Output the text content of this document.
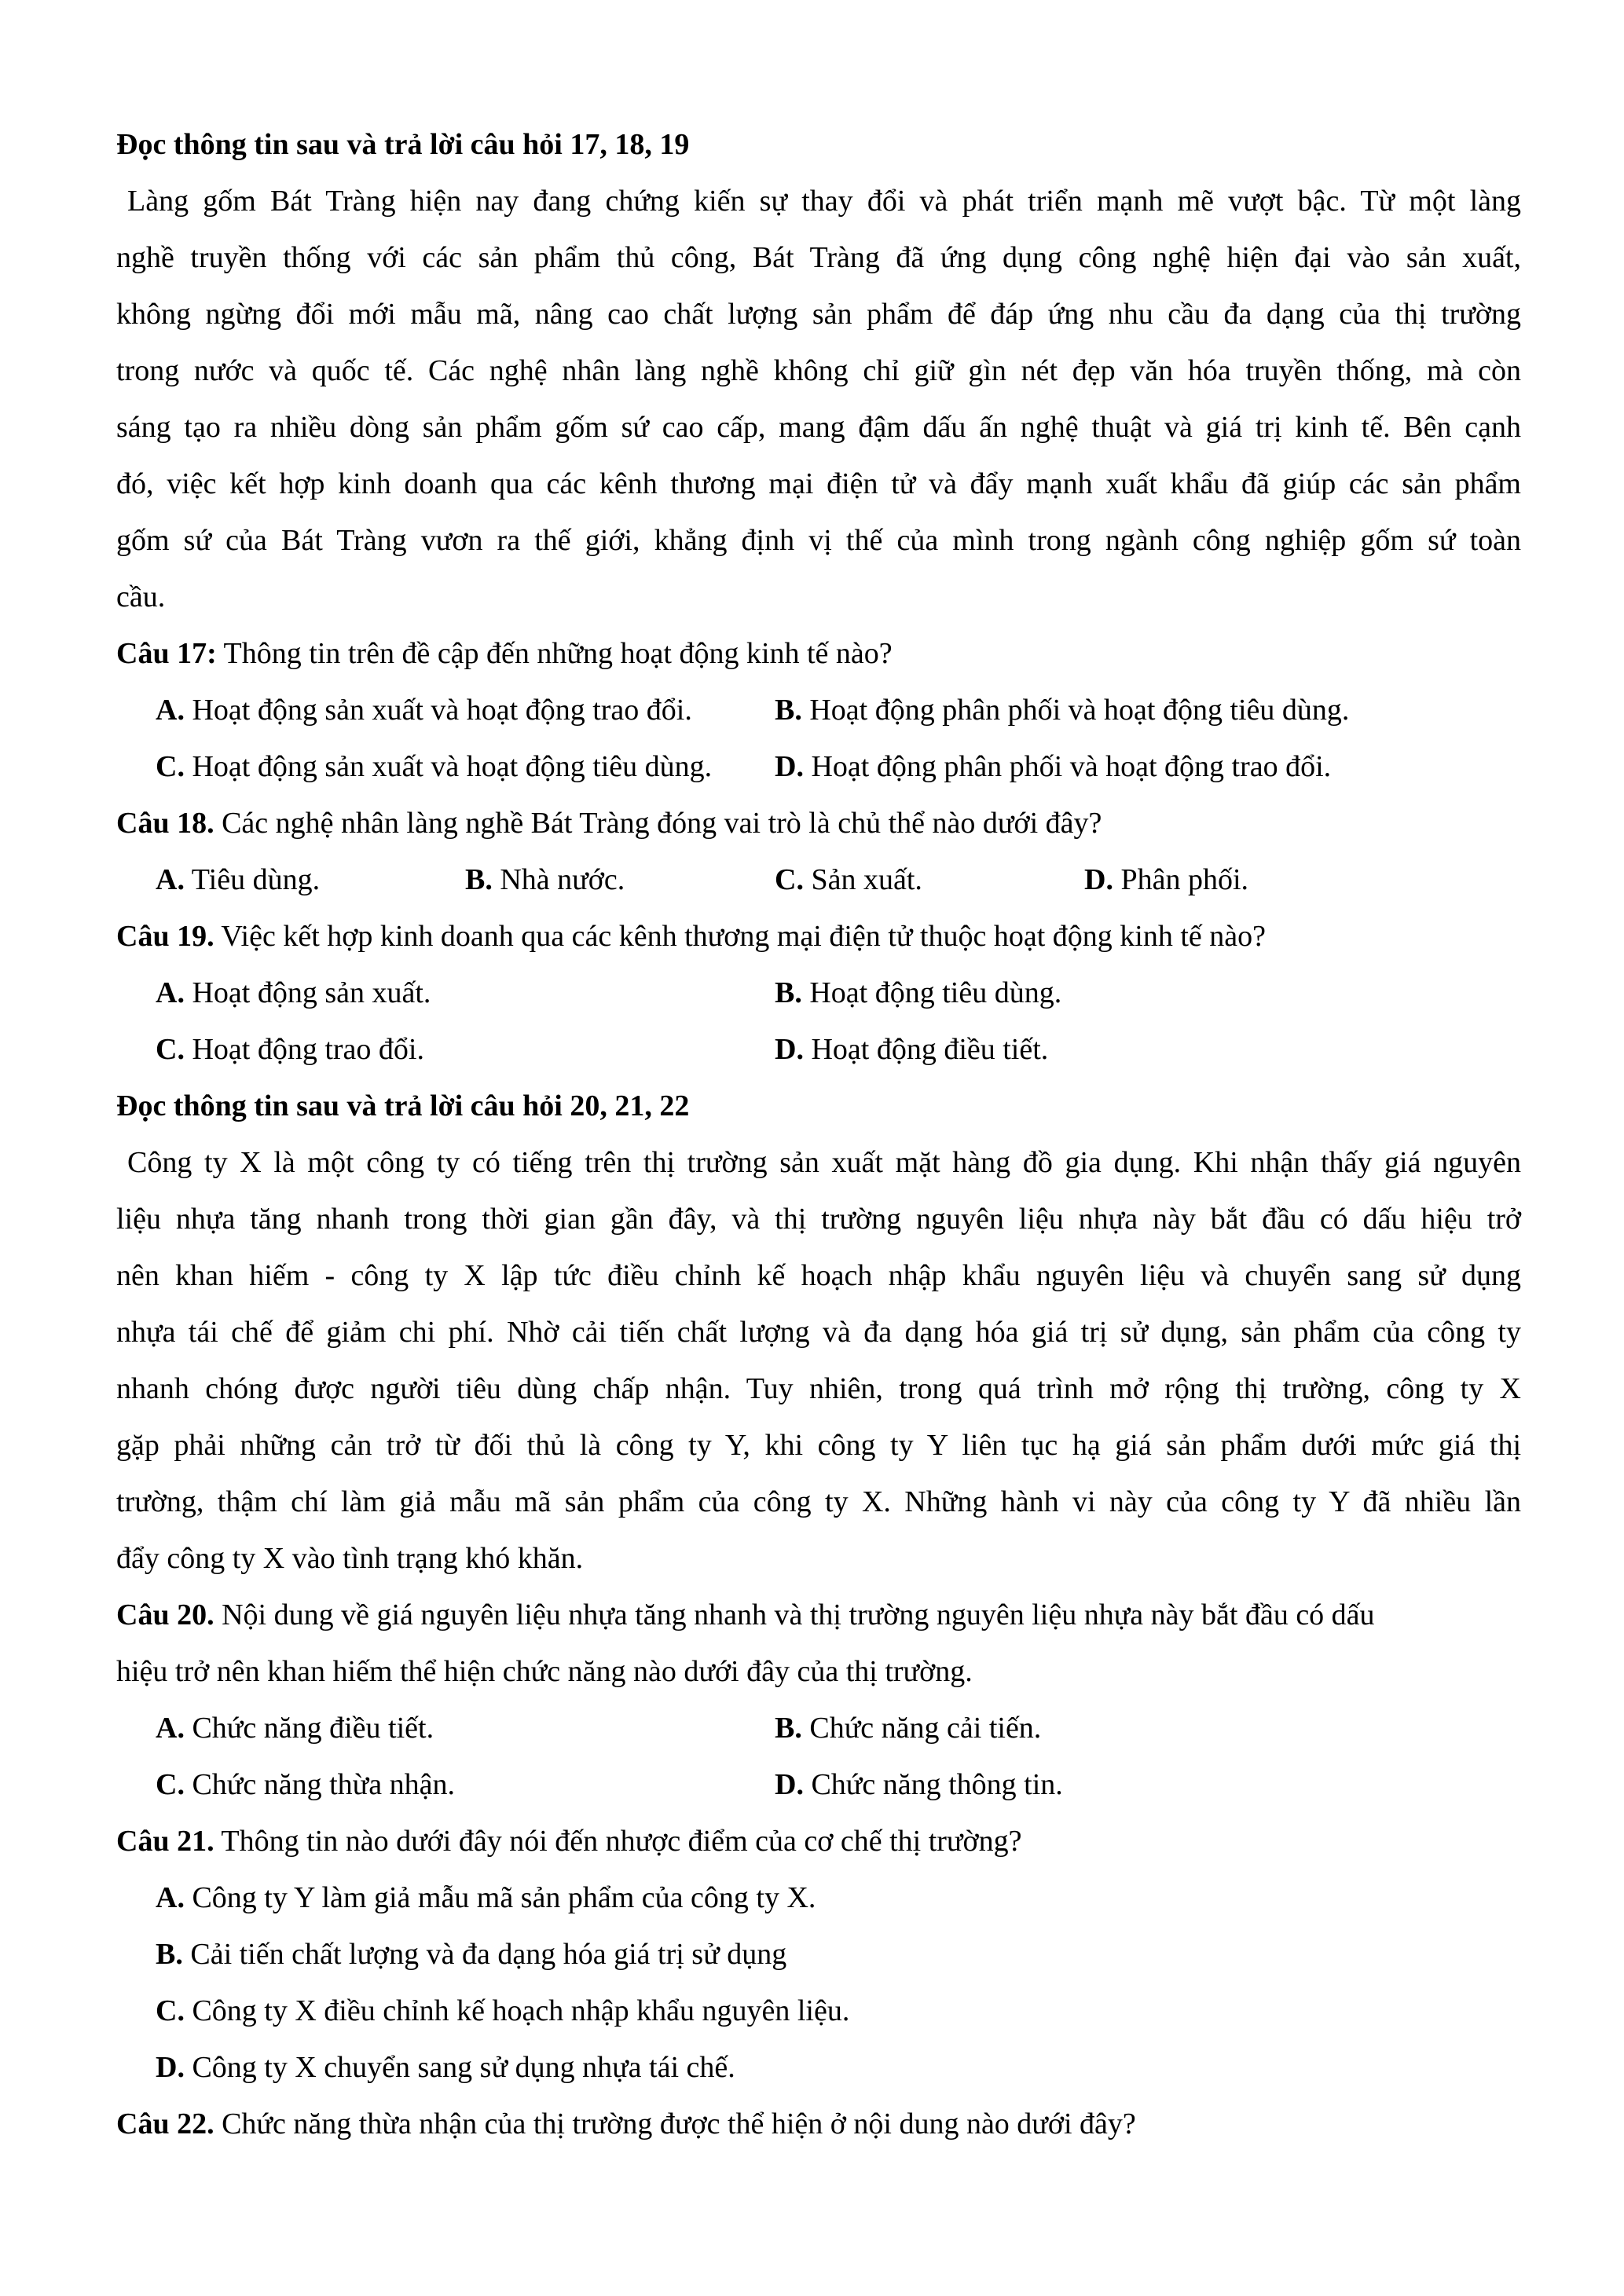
Đọc thông tin sau và trả lời câu hỏi 17, 18, 19
Làng gốm Bát Tràng hiện nay đang chứng kiến sự thay đổi và phát triển mạnh mẽ vượt bậc. Từ một làng
nghề truyền thống với các sản phẩm thủ công, Bát Tràng đã ứng dụng công nghệ hiện đại vào sản xuất,
không ngừng đổi mới mẫu mã, nâng cao chất lượng sản phẩm để đáp ứng nhu cầu đa dạng của thị trường
trong nước và quốc tế. Các nghệ nhân làng nghề không chỉ giữ gìn nét đẹp văn hóa truyền thống, mà còn
sáng tạo ra nhiều dòng sản phẩm gốm sứ cao cấp, mang đậm dấu ấn nghệ thuật và giá trị kinh tế. Bên cạnh
đó, việc kết hợp kinh doanh qua các kênh thương mại điện tử và đẩy mạnh xuất khẩu đã giúp các sản phẩm
gốm sứ của Bát Tràng vươn ra thế giới, khẳng định vị thế của mình trong ngành công nghiệp gốm sứ toàn
cầu.
Câu 17: Thông tin trên đề cập đến những hoạt động kinh tế nào?
A. Hoạt động sản xuất và hoạt động trao đổi.	B. Hoạt động phân phối và hoạt động tiêu dùng.
C. Hoạt động sản xuất và hoạt động tiêu dùng. D. Hoạt động phân phối và hoạt động trao đổi.
Câu 18. Các nghệ nhân làng nghề Bát Tràng đóng vai trò là chủ thể nào dưới đây?
A. Tiêu dùng.	B. Nhà nước.	C. Sản xuất.	D. Phân phối.
Câu 19. Việc kết hợp kinh doanh qua các kênh thương mại điện tử thuộc hoạt động kinh tế nào?
A. Hoạt động sản xuất.	B. Hoạt động tiêu dùng.
C. Hoạt động trao đổi.	D. Hoạt động điều tiết.
Đọc thông tin sau và trả lời câu hỏi 20, 21, 22
Công ty X là một công ty có tiếng trên thị trường sản xuất mặt hàng đồ gia dụng. Khi nhận thấy giá nguyên
liệu nhựa tăng nhanh trong thời gian gần đây, và thị trường nguyên liệu nhựa này bắt đầu có dấu hiệu trở
nên khan hiếm - công ty X lập tức điều chỉnh kế hoạch nhập khẩu nguyên liệu và chuyển sang sử dụng
nhựa tái chế để giảm chi phí. Nhờ cải tiến chất lượng và đa dạng hóa giá trị sử dụng, sản phẩm của công ty
nhanh chóng được người tiêu dùng chấp nhận. Tuy nhiên, trong quá trình mở rộng thị trường, công ty X
gặp phải những cản trở từ đối thủ là công ty Y, khi công ty Y liên tục hạ giá sản phẩm dưới mức giá thị
trường, thậm chí làm giả mẫu mã sản phẩm của công ty X. Những hành vi này của công ty Y đã nhiều lần
đẩy công ty X vào tình trạng khó khăn.
Câu 20. Nội dung về giá nguyên liệu nhựa tăng nhanh và thị trường nguyên liệu nhựa này bắt đầu có dấu
hiệu trở nên khan hiếm thể hiện chức năng nào dưới đây của thị trường.
A. Chức năng điều tiết.	B. Chức năng cải tiến.
C. Chức năng thừa nhận.	D. Chức năng thông tin.
Câu 21. Thông tin nào dưới đây nói đến nhược điểm của cơ chế thị trường?
A. Công ty Y làm giả mẫu mã sản phẩm của công ty X.
B. Cải tiến chất lượng và đa dạng hóa giá trị sử dụng
C. Công ty X điều chỉnh kế hoạch nhập khẩu nguyên liệu.
D. Công ty X chuyển sang sử dụng nhựa tái chế.
Câu 22. Chức năng thừa nhận của thị trường được thể hiện ở nội dung nào dưới đây?
